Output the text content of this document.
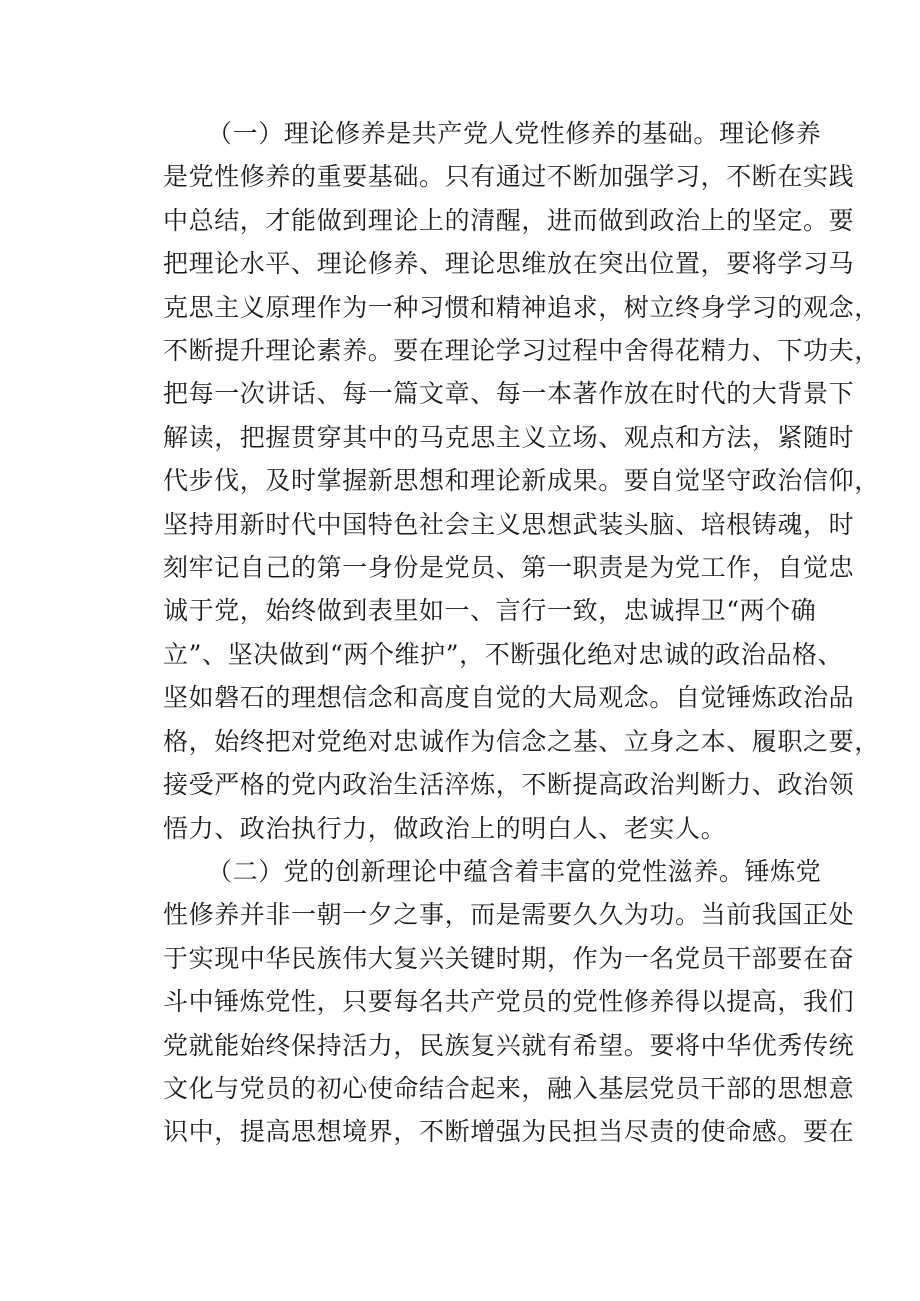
（一）理论修养是共产党人党性修养的基础。理论修养
是党性修养的重要基础。只有通过不断加强学习，不断在实践
中总结，才能做到理论上的清醒，进而做到政治上的坚定。要
把理论水平、理论修养、理论思维放在突出位置，要将学习马
克思主义原理作为一种习惯和精神追求，树立终身学习的观念，
不断提升理论素养。要在理论学习过程中舍得花精力、下功夫，
把每一次讲话、每一篇文章、每一本著作放在时代的大背景下
解读，把握贯穿其中的马克思主义立场、观点和方法，紧随时
代步伐，及时掌握新思想和理论新成果。要自觉坚守政治信仰，
坚持用新时代中国特色社会主义思想武装头脑、培根铸魂，时
刻牢记自己的第一身份是党员、第一职责是为党工作，自觉忠
诚于党，始终做到表里如一、言行一致，忠诚捍卫“两个确
立”、坚决做到“两个维护”，不断强化绝对忠诚的政治品格、
坚如磐石的理想信念和高度自觉的大局观念。自觉锤炼政治品
格，始终把对党绝对忠诚作为信念之基、立身之本、履职之要，
接受严格的党内政治生活淬炼，不断提高政治判断力、政治领
悟力、政治执行力，做政治上的明白人、老实人。
（二）党的创新理论中蕴含着丰富的党性滋养。锤炼党
性修养并非一朝一夕之事，而是需要久久为功。当前我国正处
于实现中华民族伟大复兴关键时期，作为一名党员干部要在奋
斗中锤炼党性，只要每名共产党员的党性修养得以提高，我们
党就能始终保持活力，民族复兴就有希望。要将中华优秀传统
文化与党员的初心使命结合起来，融入基层党员干部的思想意
识中，提高思想境界，不断增强为民担当尽责的使命感。要在
